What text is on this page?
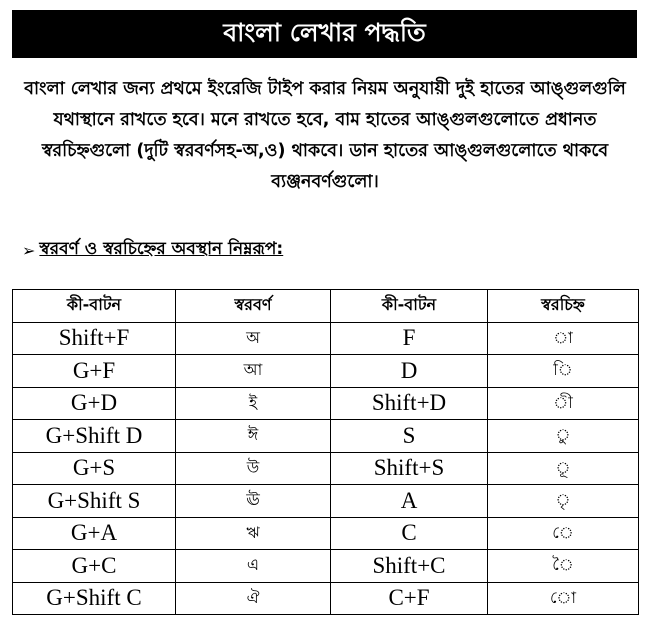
বাংলা লেখার পদ্ধতি
বাংলা লেখার জন্য প্রথমে ইংরেজি টাইপ করার নিয়ম অনুযায়ী দুই হাতের আঙ্গুলগুলি যথাস্থানে রাখতে হবে। মনে রাখতে হবে, বাম হাতের আঙ্গুলগুলোতে প্রধানত স্বরচিহ্নগুলো (দুটি স্বরবর্ণসহ-অ,ও) থাকবে। ডান হাতের আঙ্গুলগুলোতে থাকবে ব্যঞ্জনবর্ণগুলো।
➢ স্বরবর্ণ ও স্বরচিহ্নের অবস্থান নিম্নরূপ:
কী-বাটন	স্বরবর্ণ	কী-বাটন	স্বরচিহ্ন
Shift+F	অ	F	া
G+F	আ	D	ি
G+D	ই	Shift+D	ী
G+Shift D	ঈ	S	ু
G+S	উ	Shift+S	ূ
G+Shift S	ঊ	A	ৃ
G+A	ঋ	C	ে
G+C	এ	Shift+C	ৈ
G+Shift C	ঐ	C+F	ো
